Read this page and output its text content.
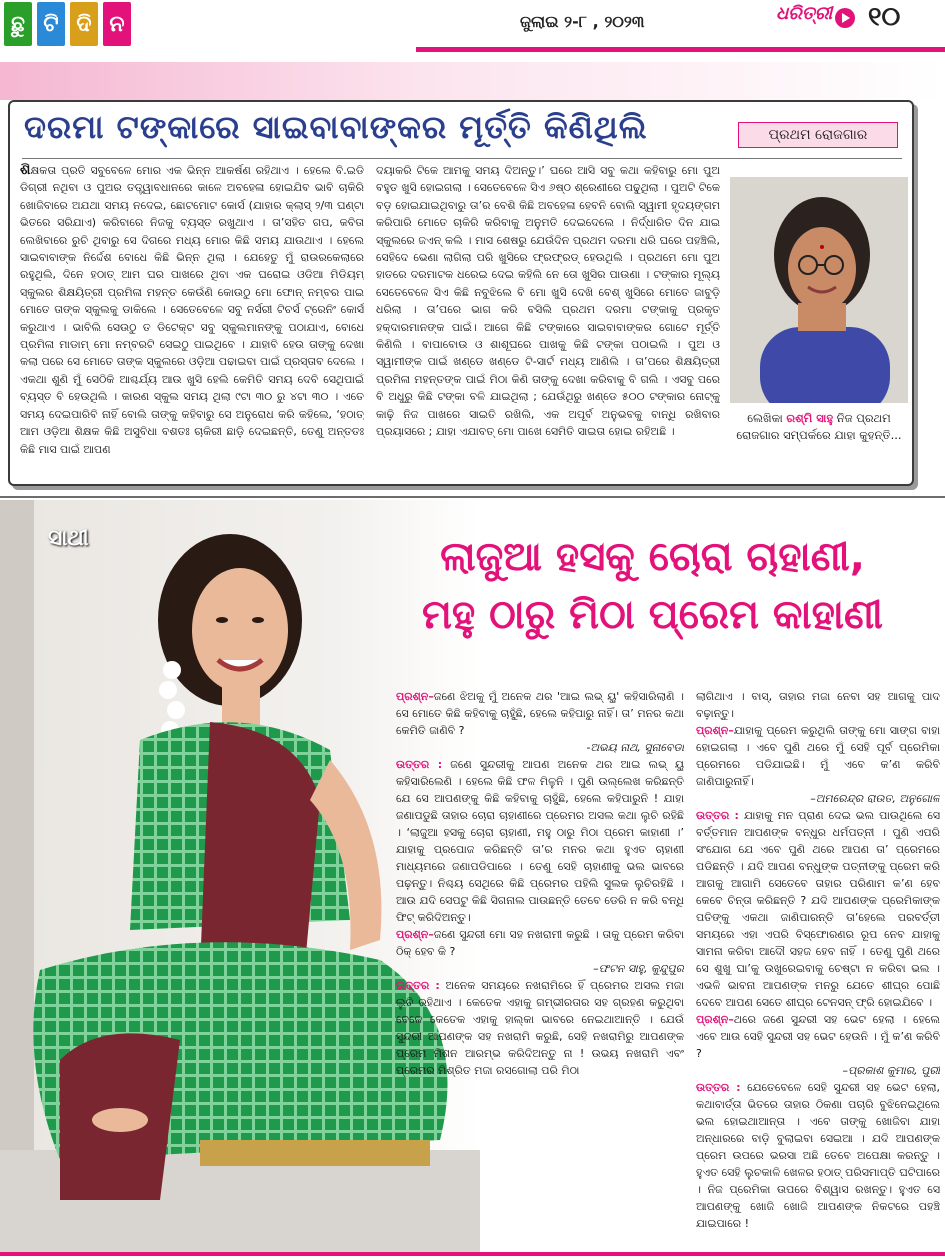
ଛୁ ଟି ଦି ନ	ଜୁଲାଇ ୨-୮ , ୨୦୨୩	ଧରିତ୍ରୀ ୧୦
ଦରମା ଟଙ୍କାରେ ସାଇବାବାଙ୍କର ମୂର୍ତ୍ତି କିଣିଥିଲି	ପ୍ରଥମ ରୋଜଗାର
ଶିକ୍ଷକତା ପ୍ରତି ସବୁବେଳେ ମୋର ଏକ ଭିନ୍ନ ଆକର୍ଷଣ ରହିଥାଏ । ହେଲେ ବି.ଇଡି ଡିଗ୍ରୀ ନଥିବା ଓ ପୁଅର ତତ୍ତ୍ୱାବଧାନରେ କାଳେ ଅବହେଳା ହୋଇଯିବ ଭାବି ଚାକିରି ଖୋଜିବାରେ ଅଯଥା ସମୟ ନଦେଇ, ଛୋଟମୋଟ କୋର୍ସ (ଯାହାର କ୍ଲାସ୍ ୨/୩ ଘଣ୍ଟା ଭିତରେ ସରିଯାଏ) କରିବାରେ ନିଜକୁ ବ୍ୟସ୍ତ ରଖୁଥାଏ । ତା’ସହିତ ଗପ, କବିତା ଲେଖିବାରେ ରୁଚି ଥିବାରୁ ସେ ଦିଗରେ ମଧ୍ୟ ମୋର କିଛି ସମୟ ଯାଉଥାଏ । ହେଲେ ସାଇବାବାଙ୍କ ନିର୍ଦ୍ଦେଶ ବୋଧେ କିଛି ଭିନ୍ନ ଥିଲା । ଯେହେତୁ ମୁଁ ରାଉରକେଲାରେ ରହୁଥିଲି, ଦିନେ ହଠାତ୍ ଆମ ଘର ପାଖରେ ଥିବା ଏକ ଘରୋଇ ଓଡିଆ ମିଡିୟମ୍ ସ୍କୁଲର ଶିକ୍ଷୟିତ୍ରୀ ପ୍ରମିଳା ମହନ୍ତ କେଉଁଣି କୋଉଠୁ ମୋ ଫୋନ୍ ନମ୍ବର ପାଇ ମୋତେ ତାଙ୍କ ସ୍କୁଲକୁ ଡାକିଲେ । ସେତେବେଳେ ସବୁ ନର୍ସରୀ ଟିଚର୍ସ ଟ୍ରେନିଂ କୋର୍ସ କରୁଥାଏ । ଭାବିଲି ସେଉଠୁ ତ ଡିଟେକ୍ଟ ସବୁ ସ୍କୁଲମାନଙ୍କୁ ପଠାଯାଏ, ବୋଧେ ପ୍ରମିଳା ମାଡାମ୍ ମୋ ନମ୍ବରଟି ସେଇଠୁ ପାଇଥିବେ । ଯାହାବି ହେଉ ତାଙ୍କୁ ଦେଖା କଲା ପରେ ସେ ମୋତେ ତାଙ୍କ ସ୍କୁଲରେ ଓଡ଼ିଆ ପଢାଇବା ପାଇଁ ପ୍ରସ୍ତାବ ଦେଲେ । ଏକଥା ଶୁଣି ମୁଁ ସେଠିକି ଆଶ୍ଚର୍ଯ୍ୟ ଆଉ ଖୁସି ହେଲି କେମିତି ସମୟ ଦେବି ସେଥିପାଇଁ ବ୍ୟସ୍ତ ବି ହେଉଥିଲି । କାରଣ ସ୍କୁଲ ସମୟ ଥିଲା ୯ଟା ୩୦ ରୁ ୪ଟା ୩୦ । ଏତେ ସମୟ ଦେଇପାରିବି ନାହିଁ ବୋଲି ତାଙ୍କୁ କହିବାରୁ ସେ ଅନୁରୋଧ କରି କହିଲେ, ‘ହଠାତ୍ ଆମ ଓଡ଼ିଆ ଶିକ୍ଷକ କିଛି ଅସୁବିଧା ବଶତଃ ଚାକିରୀ ଛାଡ଼ି ଦେଇଛନ୍ତି, ତେଣୁ ଅନ୍ତତଃ କିଛି ମାସ ପାଇଁ ଆପଣ
ଦୟାକରି ଟିକେ ଆମକୁ ସମୟ ଦିଅନ୍ତୁ।’ ଘରେ ଆସି ସବୁ କଥା କହିବାରୁ ମୋ ପୁଅ ବହୁତ ଖୁସି ହୋଇଗଲା । ସେତେବେଳେ ସିଏ ୬ଷ୍ଠ ଶ୍ରେଣୀରେ ପଢୁଥିଲା । ପୁଅଟି ଟିକେ ବଡ଼ ହୋଇଯାଇଥିବାରୁ ତା’ର ବେଶି କିଛି ଅବହେଳା ହେବନି ବୋଲି ସ୍ୱାମୀ ହୃଦୟଙ୍ଗମ କରିପାରି ମୋତେ ଚାକିରି କରିବାକୁ ଅନୁମତି ଦେଇଦେଲେ । ନିର୍ଦ୍ଧାରିତ ଦିନ ଯାଇ ସ୍କୁଲରେ ଜଏନ୍ କଲି । ମାସ ଶେଷରୁ ଯେଉଁଦିନ ପ୍ରଥମ ଦରମା ଧରି ଘରେ ପହଞ୍ଚିଲି, ସେହିଦେ ଭେଣା ଲାଗିଲା ପରି ଖୁସିରେ ଫ୍ରଫ୍ରଡ୍ ହେଉଥିଲି । ପ୍ରଥମେ ମୋ ପୁଅ ହାତରେ ଦରମାଟକ ଧରେଇ ଦେଇ କହିଲି ନେ ତୋ ଖୁସିର ପାଉଣା । ଟଙ୍କାର ମୂଲ୍ୟ ସେତେବେଳେ ସିଏ କିଛି ନବୁଝିଲେ ବି ମୋ ଖୁସି ଦେଖି ବେଶ୍ ଖୁସିରେ ମୋତେ ଜାବୁଡ଼ି ଧରିଲା । ତା’ପରେ ଭାଗ କରି ବସିଲି ପ୍ରଥମ ଦରମା ଟଙ୍କାକୁ ପ୍ରକୃତ ହକ୍‌ଦାରମାନଙ୍କ ପାଇଁ। ଆଗେ କିଛି ଟଙ୍କାରେ ସାଇବାବାଙ୍କର ଗୋଟେ ମୂର୍ତ୍ତି କିଣିଲି । ବାପାବୋଉ ଓ ଶାଶୂଘରେ ପାଖକୁ କିଛି ଟଙ୍କା ପଠାଇଲି । ପୁଅ ଓ ସ୍ୱାମୀଙ୍କ ପାଇଁ ଖଣ୍ଡେ ଖଣ୍ଡେ ଟି-ସାର୍ଟ ମଧ୍ୟ ଆଣିଲି । ତା’ପରେ ଶିକ୍ଷୟିତ୍ରୀ ପ୍ରମିଳା ମହନ୍ତଙ୍କ ପାଇଁ ମିଠା କିଣି ତାଙ୍କୁ ଦେଖା କରିବାକୁ ବି ଗଲି । ଏସବୁ ପରେ ବି ଅଧୁରୁ କିଛି ଟଙ୍କା ବଳି ଯାଇଥିଲା ; ଯେଉଁଥିରୁ ଖଣ୍ଡେ ୫୦୦ ଟଙ୍କାର ନୋଟ୍‌କୁ କାଢ଼ି ନିଜ ପାଖରେ ସାଇତି ରଖିଲି, ଏକ ଅପୂର୍ବ ଅନୁଭବକୁ ବାନ୍ଧି ରଖିବାର ପ୍ରୟାସରେ ; ଯାହା ଏଯାବତ୍ ମୋ ପାଖେ ସେମିତି ସାଇତା ହୋଇ ରହିଅଛି ।
ଲେଖିକା ରଶ୍ମି ସାହୁ ନିଜ ପ୍ରଥମ ରୋଜଗାର ସମ୍ପର୍କରେ ଯାହା କୁହନ୍ତି...
ସାଥୀ	ଲାଜୁଆ ହସକୁ ଚୋରା ଚାହାଣୀ,
ମହୁ ଠାରୁ ମିଠା ପ୍ରେମ କାହାଣୀ
ପ୍ରଶ୍ନ–ଜଣେ ଝିଅକୁ ମୁଁ ଅନେକ ଥର 'ଆଇ ଲଭ୍ ୟୁ' କହିସାରିଲାଣି । ସେ ମୋତେ କିଛି କହିବାକୁ ଚାହୁଁଛି, ହେଲେ କହିପାରୁ ନାହିଁ। ତା’ ମନର କଥା କେମିତି ଜାଣିବି ?
-ଅଭୟ ନାଥ, ସୁନାବେଡା
ଉତ୍ତର : ଜଣେ ସୁନ୍ଦରୀକୁ ଆପଣ ଅନେକ ଥର ଆଇ ଲଭ୍ ୟୁ କହିସାରିଲେଣି । ହେଲେ କିଛି ଫଳ ମିଳୁନି । ପୁଣି ଉଲ୍ଲେଖ କରିଛନ୍ତି ଯେ ସେ ଆପଣଙ୍କୁ କିଛି କହିବାକୁ ଚାହୁଁଛି, ହେଲେ କହିପାରୁନି ! ଯାହା ଜଣାପଡୁଛି ତାହାର ଚୋରା ଚାହାଣୀରେ ପ୍ରେମର ଅସଲ କଥା ଲୁଚି ରହିଛି । ‘ଲାଜୁଆ ହସକୁ ଚୋରା ଚାହାଣୀ, ମହୁ ଠାରୁ ମିଠା ପ୍ରେମ କାହାଣୀ ।’ ଯାହାକୁ ପ୍ରପୋଜ କରିଛନ୍ତି ତା’ର ମନର କଥା ହୁଏତ ଚାହାଣୀ ମାଧ୍ୟମରେ ଜଣାପଡିପାରେ । ତେଣୁ ସେହି ଚାହାଣୀକୁ ଭଲ ଭାବରେ ପଢ଼ନ୍ତୁ। ନିଶ୍ଚୟ ସେଥିରେ କିଛି ପ୍ରେମର ପହିଲି ସୁଲକ ଲୁଚିରହିଛି । ଆଉ ଯଦି ସେପଟୁ କିଛି ସିଗନାଲ ପାଉଛନ୍ତି ତେବେ ଡେରି ନ କରି ବନ୍ଧି ଫିଟ୍ କରିଦିଅନ୍ତୁ।
ପ୍ରଶ୍ନ–ଜଣେ ସୁନ୍ଦରୀ ମୋ ସହ ନଖରାମୀ କରୁଛି । ତାକୁ ପ୍ରେମ କରିବା ଠିକ୍ ହେବ କି ?
–ଫଟନ ସାହୁ, କୁନ୍ଦୁପୁର
ଉତ୍ତର : ଅନେକ ସମୟରେ ନଖରାମିରେ ହିଁ ପ୍ରେମର ଅସଲ ମଜା ଲୁଚି ରହିଥାଏ । କେତେକ ଏହାକୁ ଗମ୍ଭୀରତାର ସହ ଗ୍ରହଣ କରୁଥିବା ବେଳେ କେତେକ ଏହାକୁ ହାଲ୍କା ଭାବରେ ନେଇଥାଆନ୍ତି । ଯେଉଁ ସୁନ୍ଦରୀ ଆପଣଙ୍କ ସହ ନଖରାମି କରୁଛି, ସେହି ନଖରାମିରୁ ଆପଣଙ୍କ ପ୍ରେମ ମିଶନ ଆରମ୍ଭ କରିଦିଅନ୍ତୁ ନା ! ଉଭୟ ନଖରାମି ଏବଂ ପ୍ରେମର ମିଶ୍ରିତ ମଜା ରସଗୋଲା ପରି ମିଠା
ଲାଗିଥାଏ । ବାସ୍, ତାହାର ମଜା ନେବା ସହ ଆଗକୁ ପାଦ ବଢ଼ାନ୍ତୁ।
ପ୍ରଶ୍ନ–ଯାହାକୁ ପ୍ରେମ କରୁଥିଲି ତାଙ୍କୁ ମୋ ସାଙ୍ଗ ବାହା ହୋଇଗଲା । ଏବେ ପୁଣି ଥରେ ମୁଁ ସେହି ପୂର୍ବ ପ୍ରେମିକା ପ୍ରେମରେ ପଡିଯାଇଛି। ମୁଁ ଏବେ କ’ଣ କରିବି ଜାଣିପାରୁନାହିଁ।
–ଅମରେନ୍ଦ୍ର ରାଉତ, ଅନୁଗୋଳ
ଉତ୍ତର : ଯାହାକୁ ମନ ପ୍ରାଣ ଦେଇ ଭଲ ପାଉଥିଲେ ସେ ବର୍ତ୍ତମାନ ଆପଣଙ୍କ ବନ୍ଧୁର ଧର୍ମପତ୍ନୀ । ପୁଣି ଏପରି ସଂଯୋଗ ଯେ ଏବେ ପୁଣି ଥରେ ଆପଣ ତା’ ପ୍ରେମରେ ପଡିଛନ୍ତି । ଯଦି ଆପଣ ବନ୍ଧୁଙ୍କ ପତ୍ନୀଙ୍କୁ ପ୍ରେମ କରି ଆଗକୁ ଆଗାମି ସେତେବେ ତାହାର ପରିଣାମ କ’ଣ ହେବ କେବେ ଚିନ୍ତା କରିଛନ୍ତି ? ଯଦି ଆପଣଙ୍କ ପ୍ରେମିକାଙ୍କ ପତିଙ୍କୁ ଏକଥା ଜାଣିପାରନ୍ତି ତା’ହେଲେ ପରବର୍ତ୍ତୀ ସମୟରେ ଏହା ଏପରି ବିସ୍ଫୋରଣର ରୂପ ନେବ ଯାହାକୁ ସାମନା କରିବା ଆଦୌ ସହଜ ହେବ ନାହିଁ । ତେଣୁ ପୁଣି ଥରେ ସେ ଶୁଖୁ ଘା’କୁ ଉଖୁରେଇବାକୁ ଚେଷ୍ଟା ନ କରିବା ଭଲ । ଏଭଳି ଭାବନା ଆପଣଙ୍କ ମନରୁ ଯେତେ ଶୀଘ୍ର ପୋଛି ଦେବେ ଆପଣ ସେତେ ଶୀଘ୍ର ଟେନସନ୍ ଫ୍ରି ହୋଇଯିବେ ।
ପ୍ରଶ୍ନ–ଥରେ ଜଣେ ସୁନ୍ଦରୀ ସହ ଭେଟ ହେଲା । ହେଲେ ଏବେ ଆଉ ସେହି ସୁନ୍ଦରୀ ସହ ଭେଟ ହେଉନି । ମୁଁ କ’ଣ କରିବି ?
–ପ୍ରକାଶ କୁମାର, ପୁରୀ
ଉତ୍ତର : ଯେତେବେଳେ ସେହି ସୁନ୍ଦରୀ ସହ ଭେଟ ହେଲା, କଥାବାର୍ତ୍ତା ଭିତରେ ତାହାର ଠିକଣା ପଚାରି ବୁଝିନେଇଥିଲେ ଭଲ ହୋଇଥାଆନ୍ତା । ଏବେ ତାଙ୍କୁ ଖୋଜିବା ଯାହା ଅନ୍ଧାରରେ ବାଡ଼ି ବୁଲାଇବା ସେଇଆ । ଯଦି ଆପଣଙ୍କ ପ୍ରେମ ଉପରେ ଭରସା ଅଛି ତେବେ ଅପେକ୍ଷା କରନ୍ତୁ । ହୁଏତ ସେହି ଲୁଚକାଳି ଖେଳର ହଠାତ୍ ପରିସମାପ୍ତି ଘଟିପାରେ । ନିଜ ପ୍ରେମିକା ଉପରେ ବିଶ୍ୱାସ ରଖନ୍ତୁ। ହୁଏତ ସେ ଆପଣଙ୍କୁ ଖୋଜି ଖୋଜି ଆପଣଙ୍କ ନିକଟରେ ପହଞ୍ଚି ଯାଇପାରେ !
